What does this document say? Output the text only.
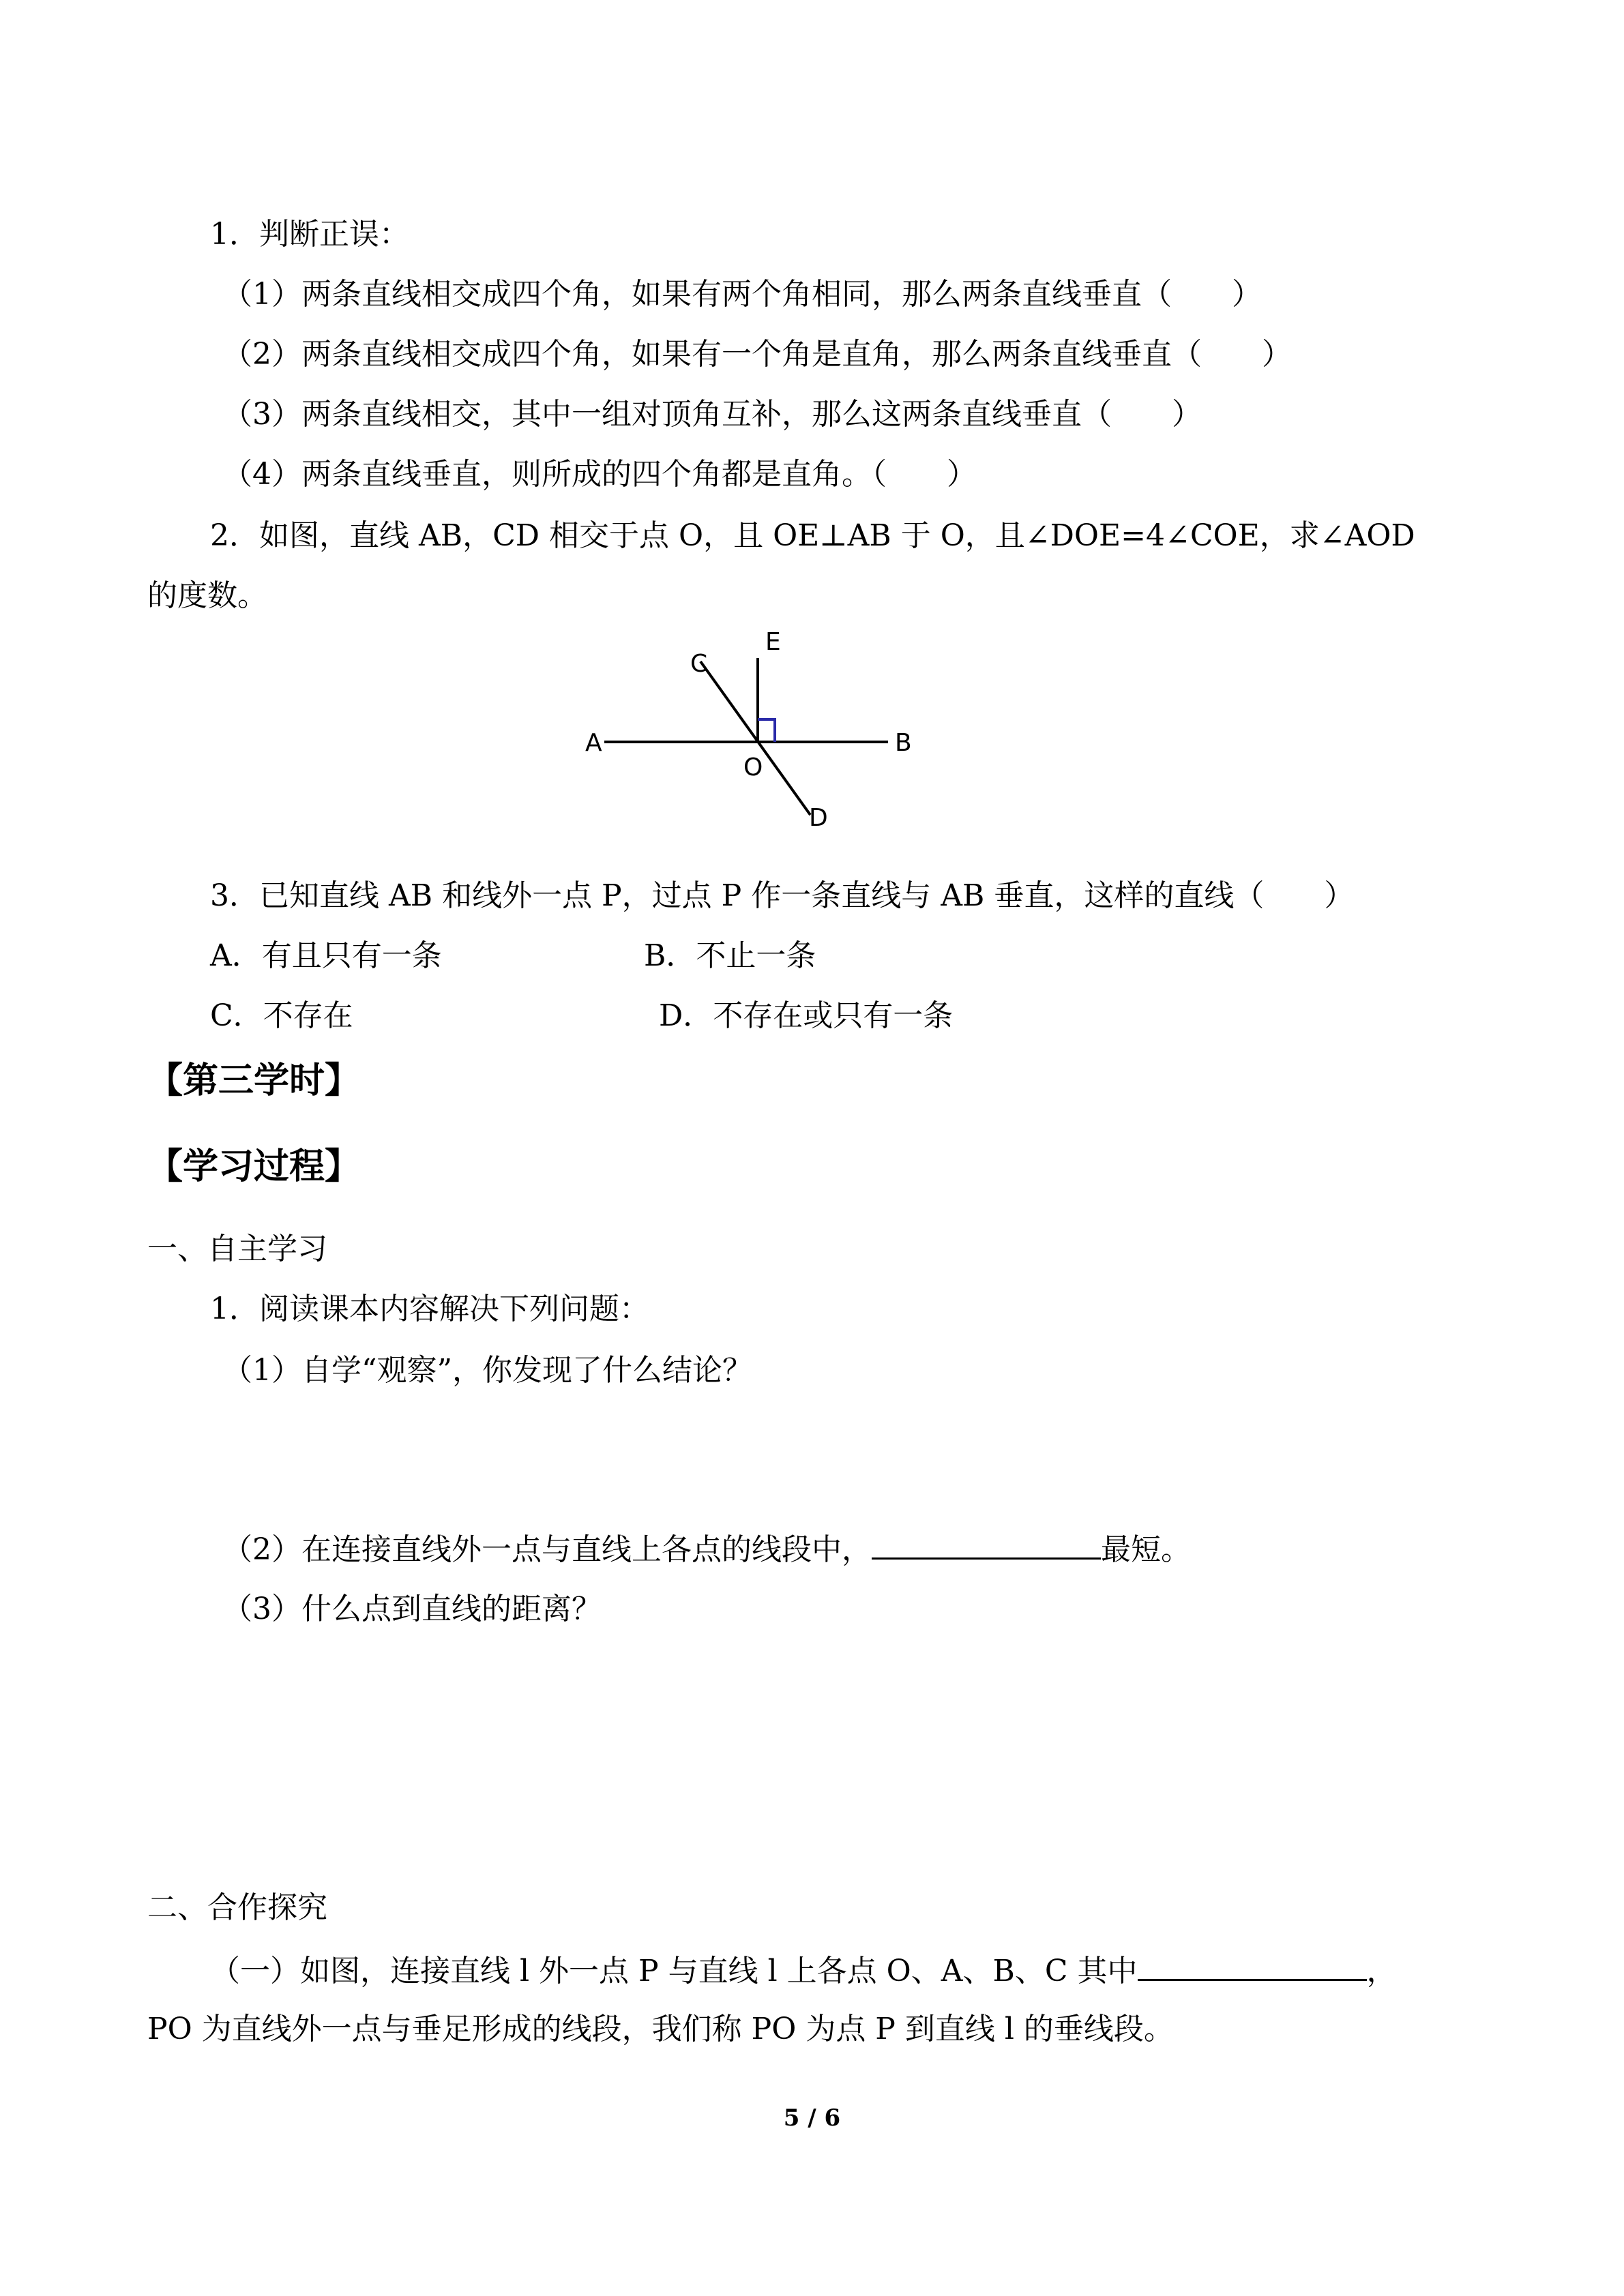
1．判断正误：
（1）两条直线相交成四个角，如果有两个角相同，那么两条直线垂直（　　）
（2）两条直线相交成四个角，如果有一个角是直角，那么两条直线垂直（　　）
（3）两条直线相交，其中一组对顶角互补，那么这两条直线垂直（　　）
（4）两条直线垂直，则所成的四个角都是直角。（　　）
2．如图，直线 AB，CD 相交于点 O，且 OE⊥AB 于 O，且∠DOE=4∠COE，求∠AOD
的度数。
A	B
C
D
E
O
3．已知直线 AB 和线外一点 P，过点 P 作一条直线与 AB 垂直，这样的直线（　　）
A．有且只有一条	B．不止一条
C．不存在	D．不存在或只有一条
【第三学时】
【学习过程】
一、自主学习
1．阅读课本内容解决下列问题：
（1）自学“观察”，你发现了什么结论？
（2）在连接直线外一点与直线上各点的线段中，	最短。
（3）什么点到直线的距离？
二、合作探究
（一）如图，连接直线 l 外一点 P 与直线 l 上各点 O、A、B、C 其中	，
PO 为直线外一点与垂足形成的线段，我们称 PO 为点 P 到直线 l 的垂线段。
5 / 6
